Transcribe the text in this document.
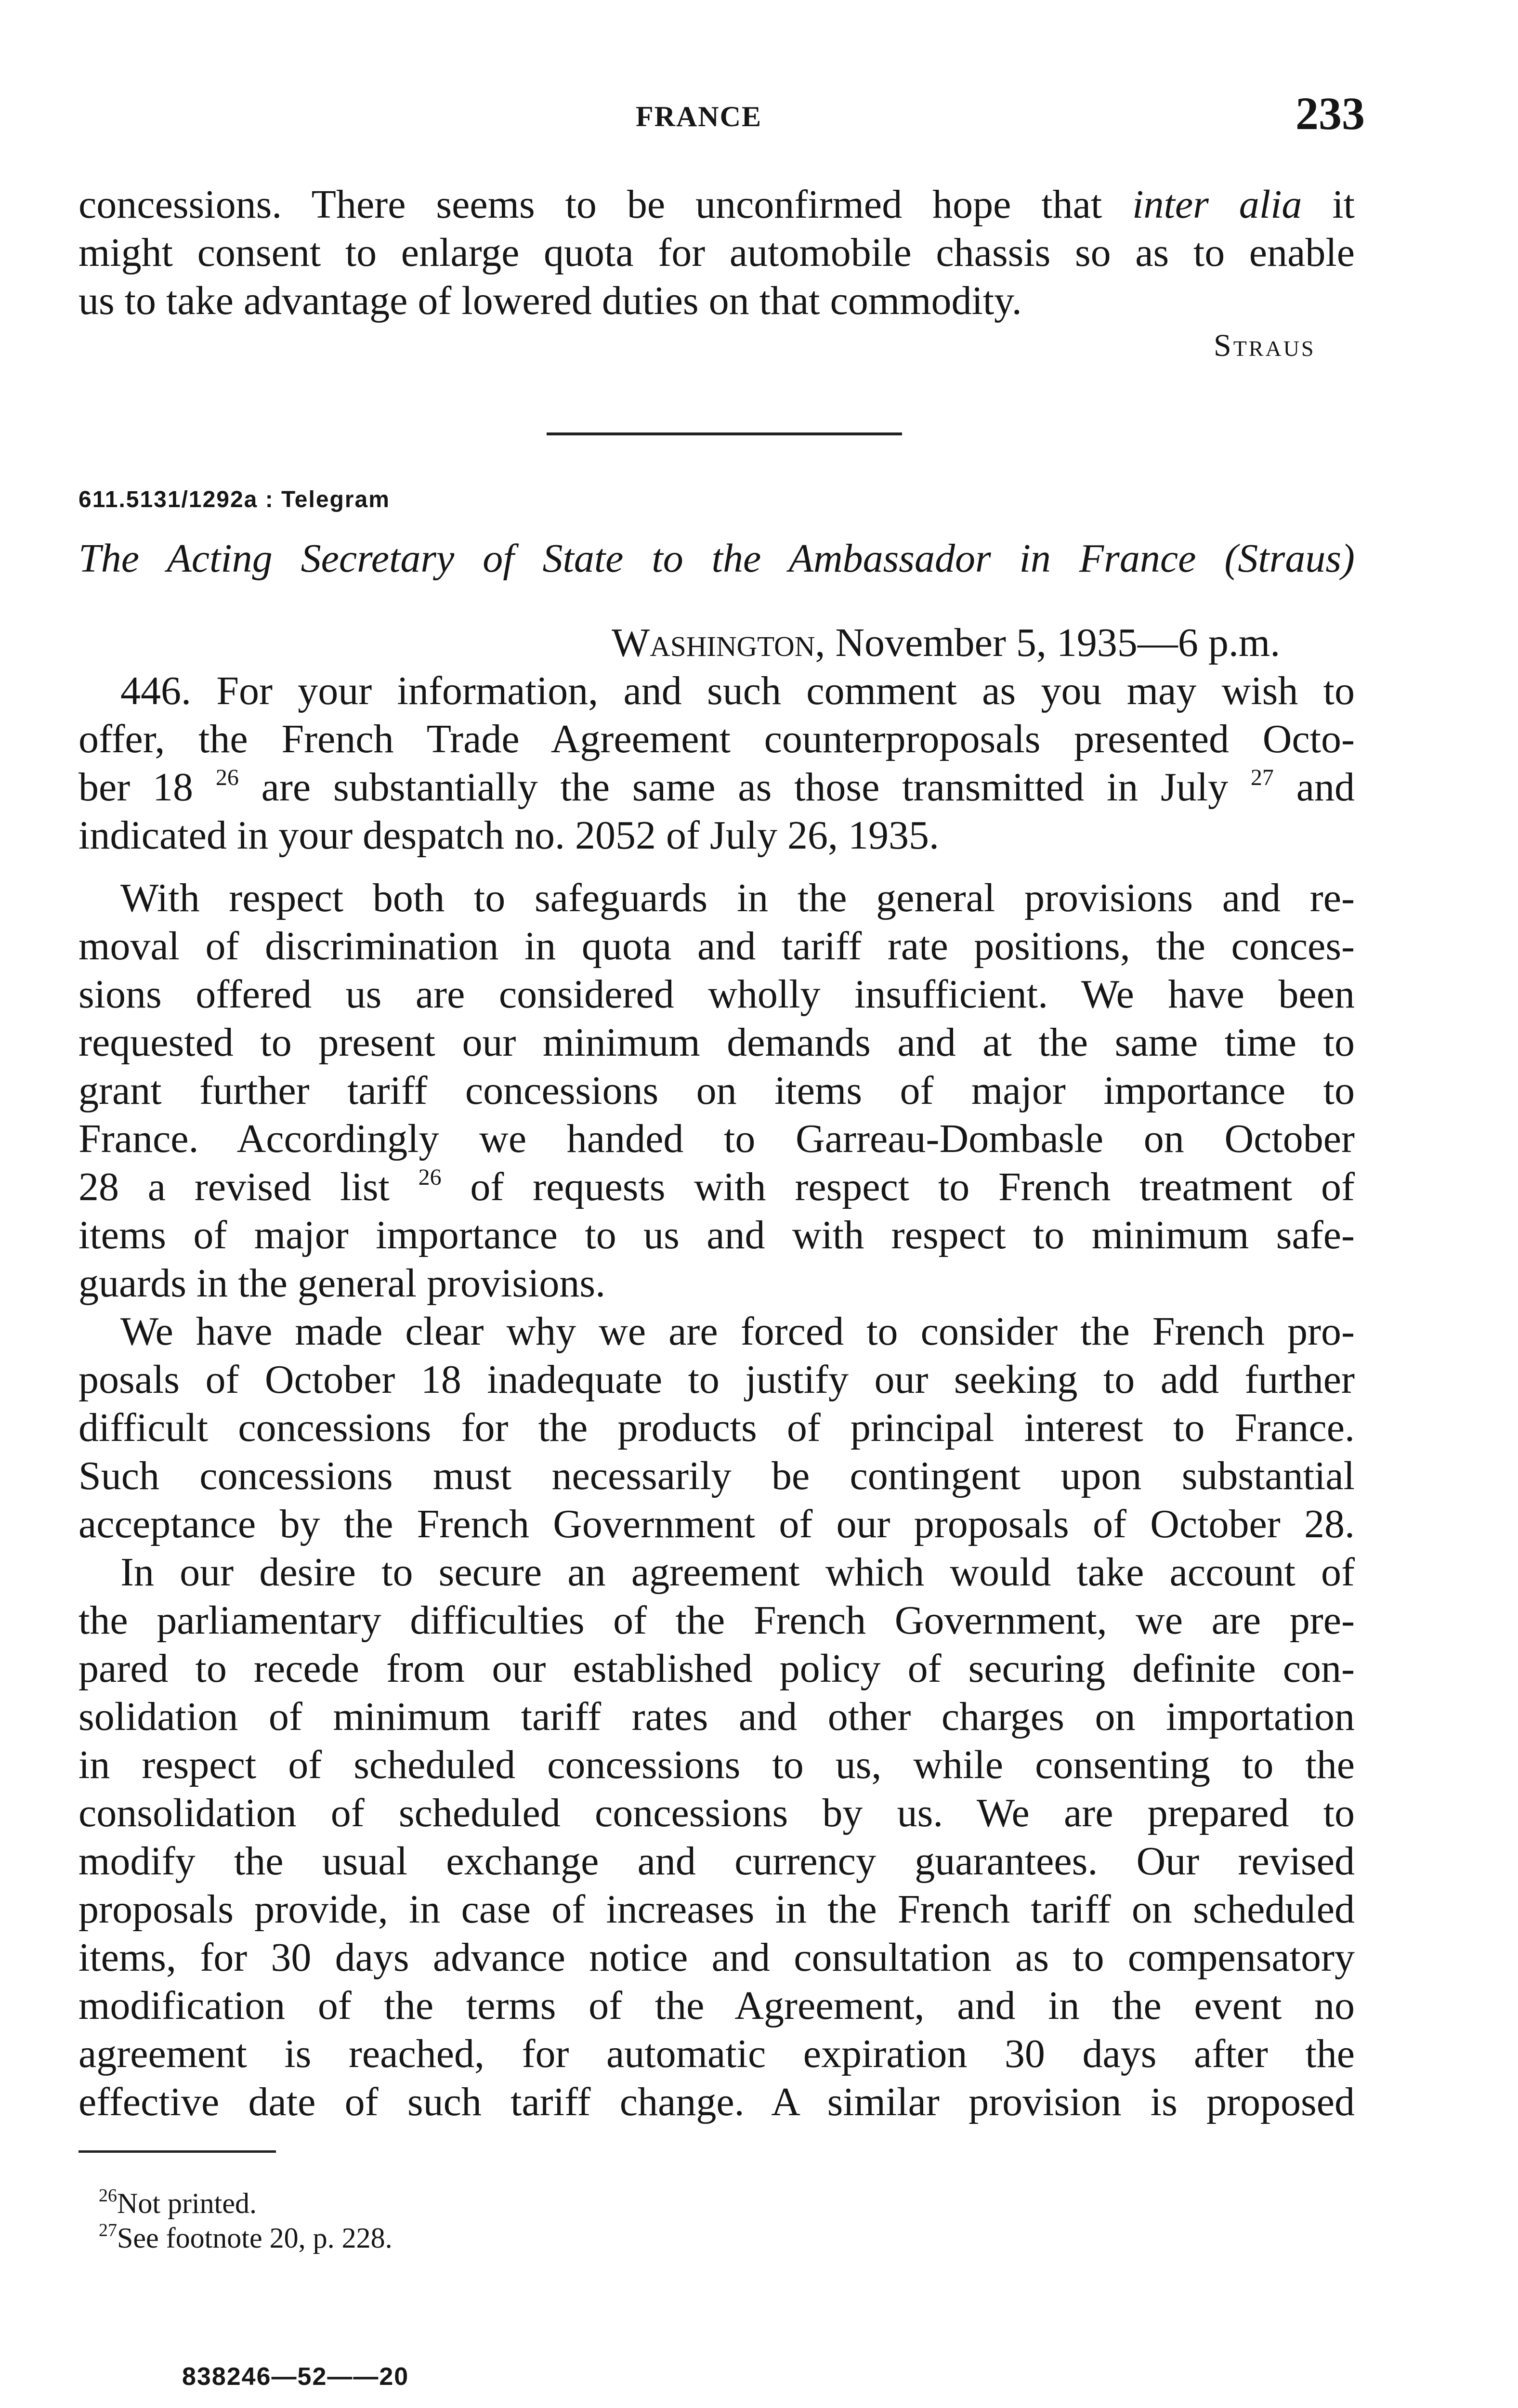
FRANCE	233
concessions. There seems to be unconfirmed hope that inter alia it
might consent to enlarge quota for automobile chassis so as to enable
us to take advantage of lowered duties on that commodity.
Straus
611.5131/1292a : Telegram
The Acting Secretary of State to the Ambassador in France (Straus)
Washington, November 5, 1935—6 p.m.
446. For your information, and such comment as you may wish to
offer, the French Trade Agreement counterproposals presented Octo-
ber 18 $^{26}$ are substantially the same as those transmitted in July $^{27}$ and
indicated in your despatch no. 2052 of July 26, 1935.
With respect both to safeguards in the general provisions and re-
moval of discrimination in quota and tariff rate positions, the conces-
sions offered us are considered wholly insufficient. We have been
requested to present our minimum demands and at the same time to
grant further tariff concessions on items of major importance to
France. Accordingly we handed to Garreau-Dombasle on October
28 a revised list $^{26}$ of requests with respect to French treatment of
items of major importance to us and with respect to minimum safe-
guards in the general provisions.
We have made clear why we are forced to consider the French pro-
posals of October 18 inadequate to justify our seeking to add further
difficult concessions for the products of principal interest to France.
Such concessions must necessarily be contingent upon substantial
acceptance by the French Government of our proposals of October 28.
In our desire to secure an agreement which would take account of
the parliamentary difficulties of the French Government, we are pre-
pared to recede from our established policy of securing definite con-
solidation of minimum tariff rates and other charges on importation
in respect of scheduled concessions to us, while consenting to the
consolidation of scheduled concessions by us. We are prepared to
modify the usual exchange and currency guarantees. Our revised
proposals provide, in case of increases in the French tariff on scheduled
items, for 30 days advance notice and consultation as to compensatory
modification of the terms of the Agreement, and in the event no
agreement is reached, for automatic expiration 30 days after the
effective date of such tariff change. A similar provision is proposed
$^{26}$Not printed.
$^{27}$See footnote 20, p. 228.
838246—52——20
